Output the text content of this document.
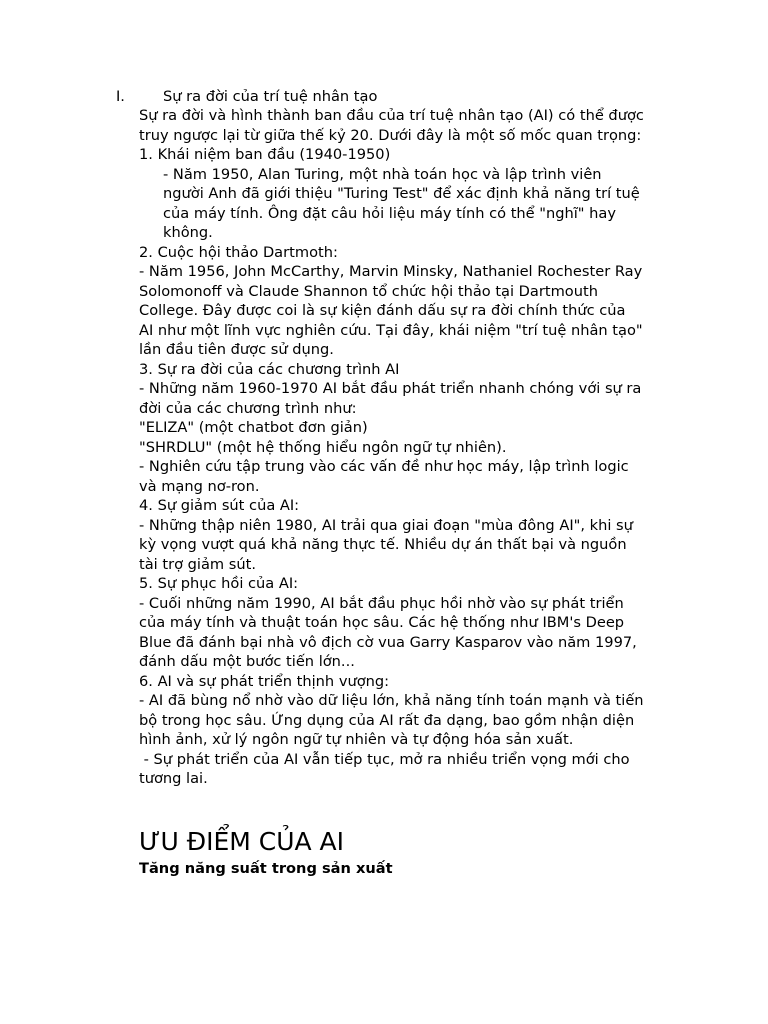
I.	Sự ra đời của trí tuệ nhân tạo
Sự ra đời và hình thành ban đầu của trí tuệ nhân tạo (AI) có thể được
truy ngược lại từ giữa thế kỷ 20. Dưới đây là một số mốc quan trọng:
1. Khái niệm ban đầu (1940-1950)
- Năm 1950, Alan Turing, một nhà toán học và lập trình viên
người Anh đã giới thiệu "Turing Test" để xác định khả năng trí tuệ
của máy tính. Ông đặt câu hỏi liệu máy tính có thể "nghĩ" hay
không.
2. Cuộc hội thảo Dartmoth:
- Năm 1956, John McCarthy, Marvin Minsky, Nathaniel Rochester Ray
Solomonoff và Claude Shannon tổ chức hội thảo tại Dartmouth
College. Đây được coi là sự kiện đánh dấu sự ra đời chính thức của
AI như một lĩnh vực nghiên cứu. Tại đây, khái niệm "trí tuệ nhân tạo"
lần đầu tiên được sử dụng.
3. Sự ra đời của các chương trình AI
- Những năm 1960-1970 AI bắt đầu phát triển nhanh chóng với sự ra
đời của các chương trình như:
"ELIZA" (một chatbot đơn giản)
"SHRDLU" (một hệ thống hiểu ngôn ngữ tự nhiên).
- Nghiên cứu tập trung vào các vấn đề như học máy, lập trình logic
và mạng nơ-ron.
4. Sự giảm sút của AI:
- Những thập niên 1980, AI trải qua giai đoạn "mùa đông AI", khi sự
kỳ vọng vượt quá khả năng thực tế. Nhiều dự án thất bại và nguồn
tài trợ giảm sút.
5. Sự phục hồi của AI:
- Cuối những năm 1990, AI bắt đầu phục hồi nhờ vào sự phát triển
của máy tính và thuật toán học sâu. Các hệ thống như IBM's Deep
Blue đã đánh bại nhà vô địch cờ vua Garry Kasparov vào năm 1997,
đánh dấu một bước tiến lớn...
6. AI và sự phát triển thịnh vượng:
- AI đã bùng nổ nhờ vào dữ liệu lớn, khả năng tính toán mạnh và tiến
bộ trong học sâu. Ứng dụng của AI rất đa dạng, bao gồm nhận diện
hình ảnh, xử lý ngôn ngữ tự nhiên và tự động hóa sản xuất.
- Sự phát triển của AI vẫn tiếp tục, mở ra nhiều triển vọng mới cho
tương lai.
ƯU ĐIỂM CỦA AI
Tăng năng suất trong sản xuất
